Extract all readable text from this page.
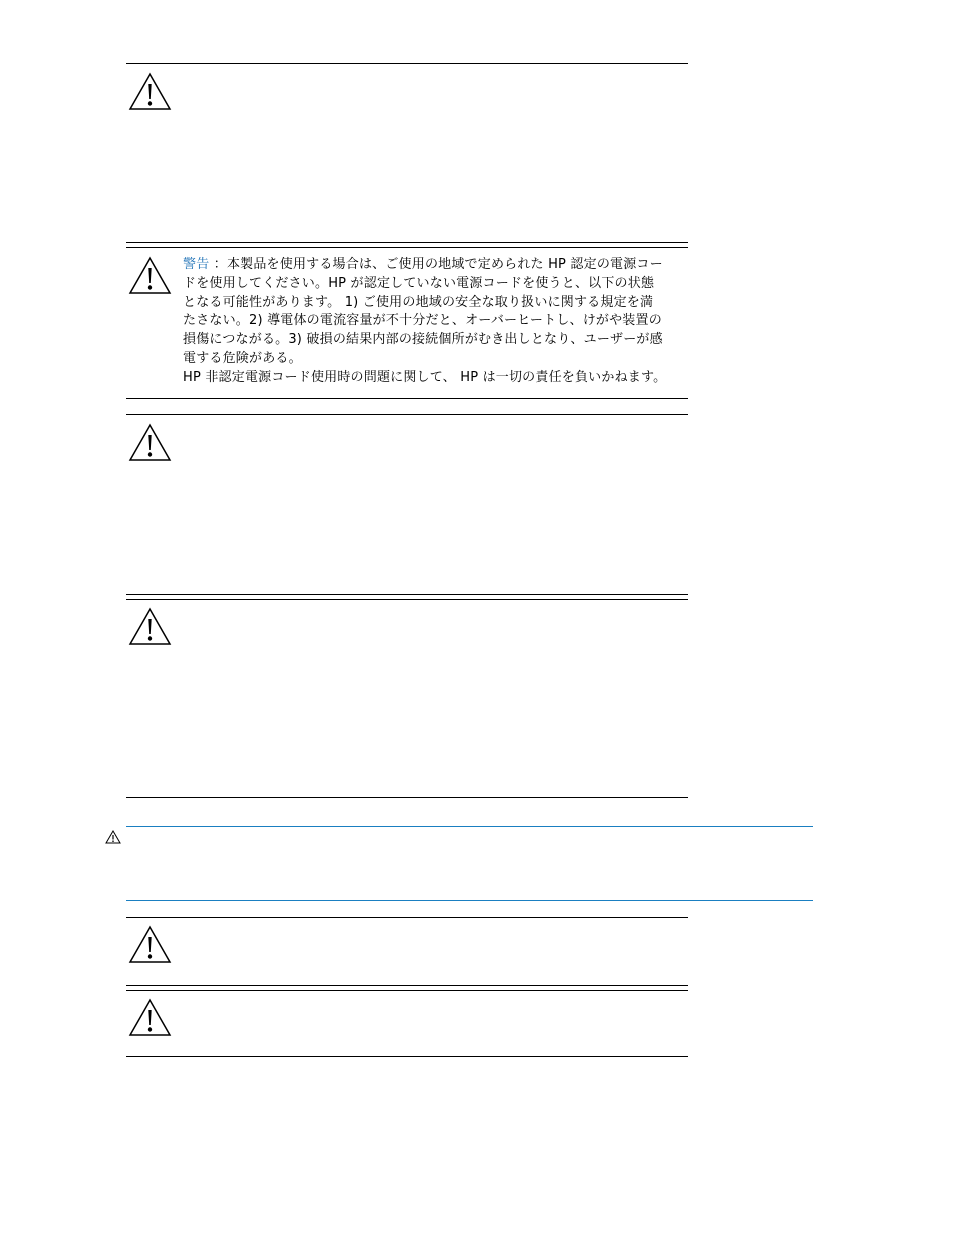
警告 ：本製品を使用する場合は、ご使用の地域で定められた HP 認定の電源コー
ドを使用してください。HP が認定していない電源コードを使うと、以下の状態
となる可能性があります。 1) ご使用の地域の安全な取り扱いに関する規定を満
たさない。2) 導電体の電流容量が不十分だと、オーバーヒートし、けがや装置の
損傷につながる。3) 破損の結果内部の接続個所がむき出しとなり、ユーザーが感
電する危険がある。
HP 非認定電源コード使用時の問題に関して、 HP は一切の責任を負いかねます。
